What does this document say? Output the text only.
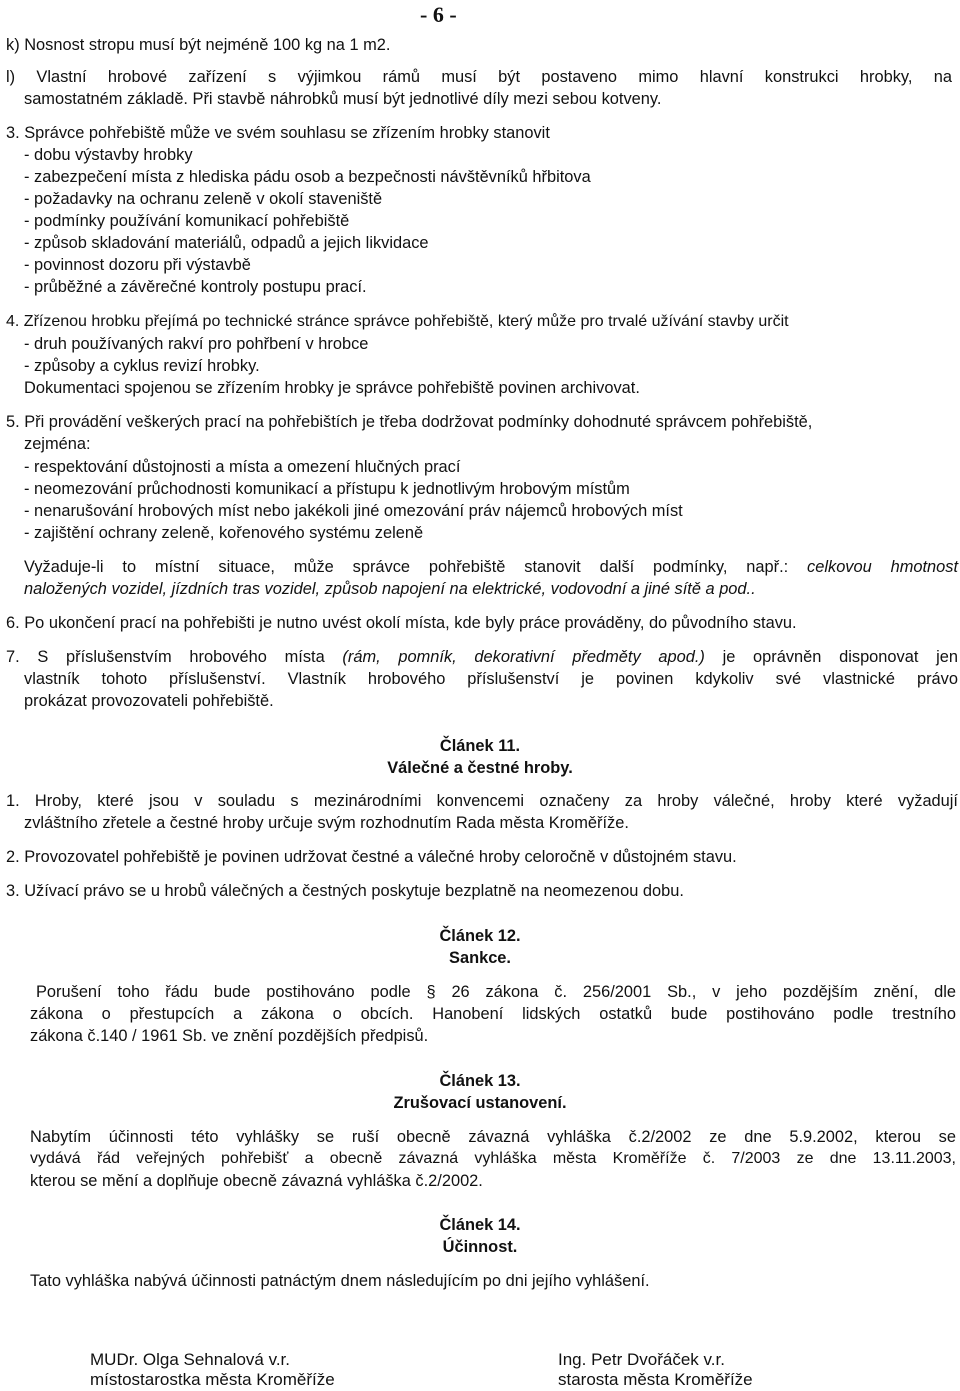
- 6 -
k) Nosnost stropu musí být nejméně 100 kg na 1 m2.
l) Vlastní hrobové zařízení s výjimkou rámů musí být postaveno mimo hlavní konstrukci hrobky, na
samostatném základě. Při stavbě náhrobků musí být jednotlivé díly mezi sebou kotveny.
3. Správce pohřebiště může ve svém souhlasu se zřízením hrobky stanovit
- dobu výstavby hrobky
- zabezpečení místa z hlediska pádu osob a bezpečnosti návštěvníků hřbitova
- požadavky na ochranu zeleně v okolí staveniště
- podmínky používání komunikací pohřebiště
- způsob skladování materiálů, odpadů a jejich likvidace
- povinnost dozoru při výstavbě
- průběžné a závěrečné kontroly postupu prací.
4. Zřízenou hrobku přejímá po technické stránce správce pohřebiště, který může pro trvalé užívání stavby určit
- druh používaných rakví pro pohřbení v hrobce
- způsoby a cyklus revizí hrobky.
Dokumentaci spojenou se zřízením hrobky je správce pohřebiště povinen archivovat.
5. Při provádění veškerých prací na pohřebištích je třeba dodržovat podmínky dohodnuté správcem pohřebiště,
zejména:
- respektování důstojnosti a místa a omezení hlučných prací
- neomezování průchodnosti komunikací a přístupu k jednotlivým hrobovým místům
- nenarušování hrobových míst nebo jakékoli jiné omezování práv nájemců hrobových míst
- zajištění ochrany zeleně, kořenového systému zeleně
Vyžaduje-li to místní situace, může správce pohřebiště stanovit další podmínky, např.: celkovou hmotnost
naložených vozidel, jízdních tras vozidel, způsob napojení na elektrické, vodovodní a jiné sítě a pod..
6. Po ukončení prací na pohřebišti je nutno uvést okolí místa, kde byly práce prováděny, do původního stavu.
7. S příslušenstvím hrobového místa (rám, pomník, dekorativní předměty apod.) je oprávněn disponovat jen
vlastník tohoto příslušenství. Vlastník hrobového příslušenství je povinen kdykoliv své vlastnické právo
prokázat provozovateli pohřebiště.
Článek 11.
Válečné a čestné hroby.
1. Hroby, které jsou v souladu s mezinárodními konvencemi označeny za hroby válečné, hroby které vyžadují
zvláštního zřetele a čestné hroby určuje svým rozhodnutím Rada města Kroměříže.
2. Provozovatel pohřebiště je povinen udržovat čestné a válečné hroby celoročně v důstojném stavu.
3. Užívací právo se u hrobů válečných a čestných poskytuje bezplatně na neomezenou dobu.
Článek 12.
Sankce.
Porušení toho řádu bude postihováno podle § 26 zákona č. 256/2001 Sb., v jeho pozdějším znění, dle
zákona o přestupcích a zákona o obcích. Hanobení lidských ostatků bude postihováno podle trestního
zákona č.140 / 1961 Sb. ve znění pozdějších předpisů.
Článek 13.
Zrušovací ustanovení.
Nabytím účinnosti této vyhlášky se ruší obecně závazná vyhláška č.2/2002 ze dne 5.9.2002, kterou se
vydává řád veřejných pohřebišť a obecně závazná vyhláška města Kroměříže č. 7/2003 ze dne 13.11.2003,
kterou se mění a doplňuje obecně závazná vyhláška č.2/2002.
Článek 14.
Účinnost.
Tato vyhláška nabývá účinnosti patnáctým dnem následujícím po dni jejího vyhlášení.
MUDr. Olga Sehnalová v.r.
místostarostka města Kroměříže
Ing. Petr Dvořáček v.r.
starosta města Kroměříže
